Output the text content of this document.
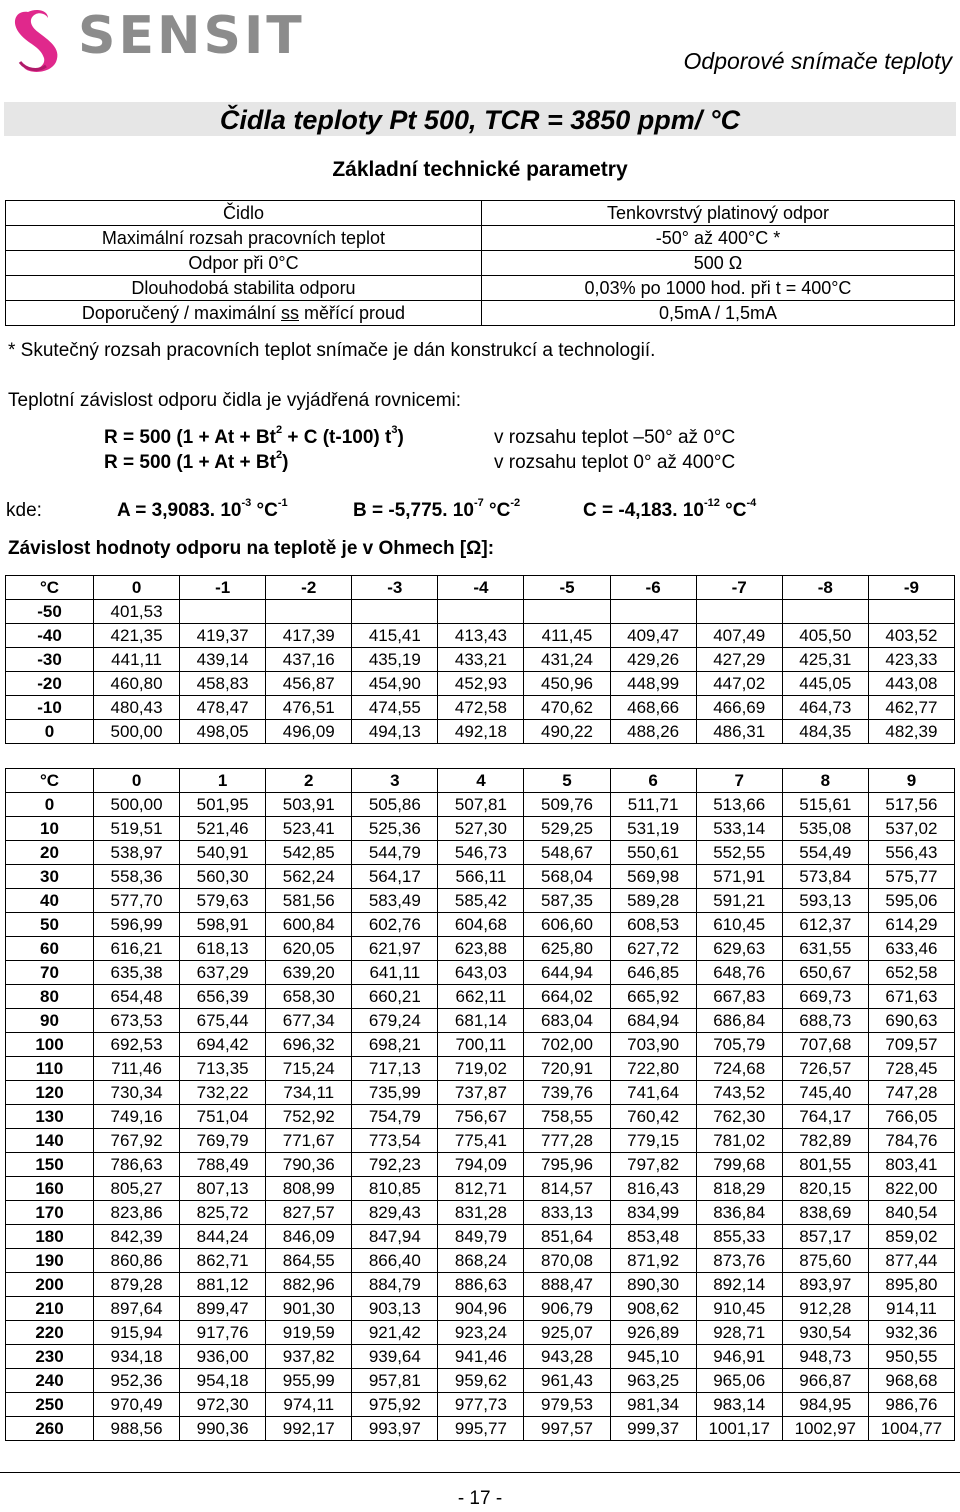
SENSIT	Odporové snímače teploty
Čidla teploty Pt 500, TCR = 3850 ppm/ °C
Základní technické parametry
Čidlo	Tenkovrstvý platinový odpor
Maximální rozsah pracovních teplot	-50° až 400°C *
Odpor při 0°C	500 Ω
Dlouhodobá stabilita odporu	0,03% po 1000 hod. při t = 400°C
Doporučený / maximální ss měřící proud	0,5mA / 1,5mA
* Skutečný rozsah pracovních teplot snímače je dán konstrukcí a technologií.
Teplotní závislost odporu čidla je vyjádřená rovnicemi:
R = 500 ($1 + At + Bt^2 + C$ (t-100) $t^3$)	v rozsahu teplot –50° až 0°C
R = 500 $(1 + At + Bt^2)$	v rozsahu teplot 0° až 400°C
kde:	A = 3,9083. $10^{-3}$ $^\circ C^{-1}$	B = -5,775. $10^{-7}$ $^\circ C^{-2}$	C = -4,183. $10^{-12}$ $^\circ C^{-4}$
Závislost hodnoty odporu na teplotě je v Ohmech [Ω]:
°C	0	-1	-2	-3	-4	-5	-6	-7	-8	-9
-50	401,53									
-40	421,35	419,37	417,39	415,41	413,43	411,45	409,47	407,49	405,50	403,52
-30	441,11	439,14	437,16	435,19	433,21	431,24	429,26	427,29	425,31	423,33
-20	460,80	458,83	456,87	454,90	452,93	450,96	448,99	447,02	445,05	443,08
-10	480,43	478,47	476,51	474,55	472,58	470,62	468,66	466,69	464,73	462,77
0	500,00	498,05	496,09	494,13	492,18	490,22	488,26	486,31	484,35	482,39
°C	0	1	2	3	4	5	6	7	8	9
0	500,00	501,95	503,91	505,86	507,81	509,76	511,71	513,66	515,61	517,56
10	519,51	521,46	523,41	525,36	527,30	529,25	531,19	533,14	535,08	537,02
20	538,97	540,91	542,85	544,79	546,73	548,67	550,61	552,55	554,49	556,43
30	558,36	560,30	562,24	564,17	566,11	568,04	569,98	571,91	573,84	575,77
40	577,70	579,63	581,56	583,49	585,42	587,35	589,28	591,21	593,13	595,06
50	596,99	598,91	600,84	602,76	604,68	606,60	608,53	610,45	612,37	614,29
60	616,21	618,13	620,05	621,97	623,88	625,80	627,72	629,63	631,55	633,46
70	635,38	637,29	639,20	641,11	643,03	644,94	646,85	648,76	650,67	652,58
80	654,48	656,39	658,30	660,21	662,11	664,02	665,92	667,83	669,73	671,63
90	673,53	675,44	677,34	679,24	681,14	683,04	684,94	686,84	688,73	690,63
100	692,53	694,42	696,32	698,21	700,11	702,00	703,90	705,79	707,68	709,57
110	711,46	713,35	715,24	717,13	719,02	720,91	722,80	724,68	726,57	728,45
120	730,34	732,22	734,11	735,99	737,87	739,76	741,64	743,52	745,40	747,28
130	749,16	751,04	752,92	754,79	756,67	758,55	760,42	762,30	764,17	766,05
140	767,92	769,79	771,67	773,54	775,41	777,28	779,15	781,02	782,89	784,76
150	786,63	788,49	790,36	792,23	794,09	795,96	797,82	799,68	801,55	803,41
160	805,27	807,13	808,99	810,85	812,71	814,57	816,43	818,29	820,15	822,00
170	823,86	825,72	827,57	829,43	831,28	833,13	834,99	836,84	838,69	840,54
180	842,39	844,24	846,09	847,94	849,79	851,64	853,48	855,33	857,17	859,02
190	860,86	862,71	864,55	866,40	868,24	870,08	871,92	873,76	875,60	877,44
200	879,28	881,12	882,96	884,79	886,63	888,47	890,30	892,14	893,97	895,80
210	897,64	899,47	901,30	903,13	904,96	906,79	908,62	910,45	912,28	914,11
220	915,94	917,76	919,59	921,42	923,24	925,07	926,89	928,71	930,54	932,36
230	934,18	936,00	937,82	939,64	941,46	943,28	945,10	946,91	948,73	950,55
240	952,36	954,18	955,99	957,81	959,62	961,43	963,25	965,06	966,87	968,68
250	970,49	972,30	974,11	975,92	977,73	979,53	981,34	983,14	984,95	986,76
260	988,56	990,36	992,17	993,97	995,77	997,57	999,37	1001,17	1002,97	1004,77
- 17 -
